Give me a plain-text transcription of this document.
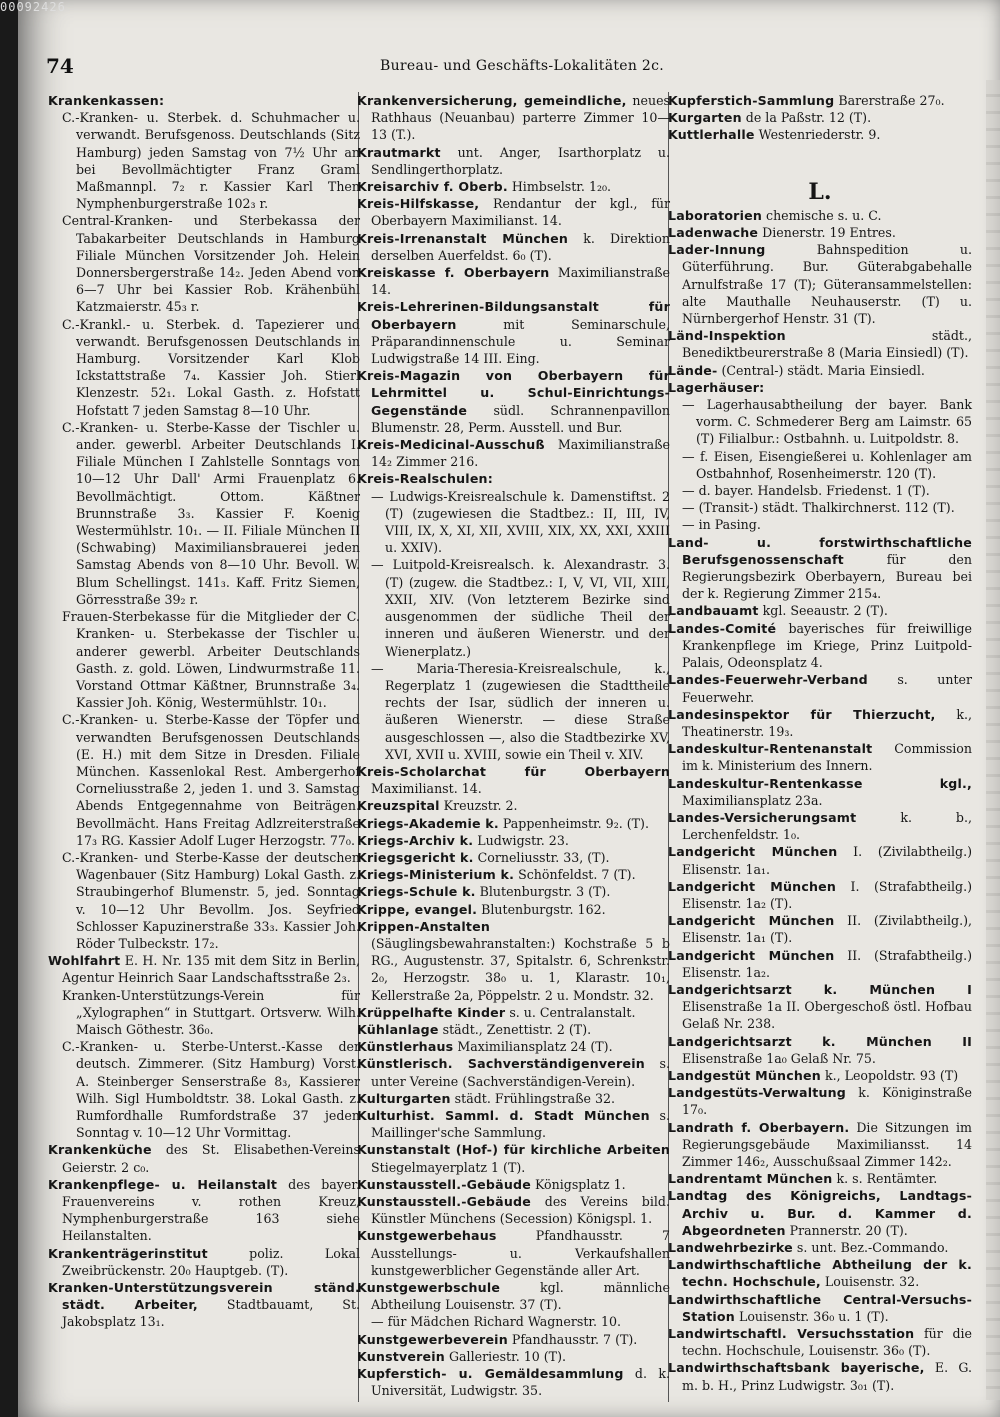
00092426
74	Bureau- und Geschäfts-Lokalitäten 2c.
Krankenkassen:
C.-Kranken- u. Sterbek. d. Schuhmacher u. verwandt. Berufsgenoss. Deutschlands (Sitz Hamburg) jeden Samstag von 7½ Uhr an bei Bevollmächtigter Franz Graml Maßmannpl. 7₂ r. Kassier Karl Then Nymphenburgerstraße 102₃ r.
Central-Kranken- und Sterbekassa der Tabakarbeiter Deutschlands in Hamburg Filiale München Vorsitzender Joh. Helein Donnersbergerstraße 14₂. Jeden Abend von 6—7 Uhr bei Kassier Rob. Krähenbühl Katzmaierstr. 45₃ r.
C.-Krankl.- u. Sterbek. d. Tapezierer und verwandt. Berufsgenossen Deutschlands in Hamburg. Vorsitzender Karl Klob Ickstattstraße 7₄. Kassier Joh. Stierl Klenzestr. 52₁. Lokal Gasth. z. Hofstatt Hofstatt 7 jeden Samstag 8—10 Uhr.
C.-Kranken- u. Sterbe-Kasse der Tischler u. ander. gewerbl. Arbeiter Deutschlands I. Filiale München I Zahlstelle Sonntags von 10—12 Uhr Dall' Armi Frauenplatz 6. Bevollmächtigt. Ottom. Käßtner Brunnstraße 3₃. Kassier F. Koenig Westermühlstr. 10₁. — II. Filiale München II (Schwabing) Maximiliansbrauerei jeden Samstag Abends von 8—10 Uhr. Bevoll. W. Blum Schellingst. 141₃. Kaff. Fritz Siemen, Görresstraße 39₂ r.
Frauen-Sterbekasse für die Mitglieder der C. Kranken- u. Sterbekasse der Tischler u. anderer gewerbl. Arbeiter Deutschlands Gasth. z. gold. Löwen, Lindwurmstraße 11. Vorstand Ottmar Käßtner, Brunnstraße 3₄. Kassier Joh. König, Westermühlstr. 10₁.
C.-Kranken- u. Sterbe-Kasse der Töpfer und verwandten Berufsgenossen Deutschlands (E. H.) mit dem Sitze in Dresden. Filiale München. Kassenlokal Rest. Ambergerhof Corneliusstraße 2, jeden 1. und 3. Samstag Abends Entgegennahme von Beiträgen. Bevollmächt. Hans Freitag Adlzreiterstraße 17₃ RG. Kassier Adolf Luger Herzogstr. 77₀.
C.-Kranken- und Sterbe-Kasse der deutschen Wagenbauer (Sitz Hamburg) Lokal Gasth. z. Straubingerhof Blumenstr. 5, jed. Sonntag v. 10—12 Uhr Bevollm. Jos. Seyfried Schlosser Kapuzinerstraße 33₃. Kassier Joh. Röder Tulbeckstr. 17₂.
Wohlfahrt E. H. Nr. 135 mit dem Sitz in Berlin, Agentur Heinrich Saar Landschaftsstraße 2₃.
Kranken-Unterstützungs-Verein für „Xylographen“ in Stuttgart. Ortsverw. Wilh. Maisch Göthestr. 36₀.
C.-Kranken- u. Sterbe-Unterst.-Kasse der deutsch. Zimmerer. (Sitz Hamburg) Vorst. A. Steinberger Senserstraße 8₃, Kassierer Wilh. Sigl Humboldtstr. 38. Lokal Gasth. z. Rumfordhalle Rumfordstraße 37 jeden Sonntag v. 10—12 Uhr Vormittag.
Krankenküche des St. Elisabethen-Vereins Geierstr. 2 c₀.
Krankenpflege- u. Heilanstalt des bayer. Frauenvereins v. rothen Kreuz, Nymphenburgerstraße 163 siehe Heilanstalten.
Krankenträgerinstitut poliz. Lokal Zweibrückenstr. 20₀ Hauptgeb. (T).
Kranken-Unterstützungsverein ständ. städt. Arbeiter, Stadtbauamt, St. Jakobsplatz 13₁.
Krankenversicherung, gemeindliche, neues Rathhaus (Neuanbau) parterre Zimmer 10—13 (T.).
Krautmarkt unt. Anger, Isarthorplatz u. Sendlingerthorplatz.
Kreisarchiv f. Oberb. Himbselstr. 1₂₀.
Kreis-Hilfskasse, Rendantur der kgl., für Oberbayern Maximilianst. 14.
Kreis-Irrenanstalt München k. Direktion derselben Auerfeldst. 6₀ (T).
Kreiskasse f. Oberbayern Maximilianstraße 14.
Kreis-Lehrerinen-Bildungsanstalt für Oberbayern mit Seminarschule, Präparandinnenschule u. Seminar Ludwigstraße 14 III. Eing.
Kreis-Magazin von Oberbayern für Lehrmittel u. Schul-Einrichtungs-Gegenstände südl. Schrannenpavillon Blumenstr. 28, Perm. Ausstell. und Bur.
Kreis-Medicinal-Ausschuß Maximilianstraße 14₂ Zimmer 216.
Kreis-Realschulen:
— Ludwigs-Kreisrealschule k. Damenstiftst. 2 (T) (zugewiesen die Stadtbez.: II, III, IV, VIII, IX, X, XI, XII, XVIII, XIX, XX, XXI, XXIII u. XXIV).
— Luitpold-Kreisrealsch. k. Alexandrastr. 3. (T) (zugew. die Stadtbez.: I, V, VI, VII, XIII, XXII, XIV. (Von letzterem Bezirke sind ausgenommen der südliche Theil der inneren und äußeren Wienerstr. und der Wienerplatz.)
— Maria-Theresia-Kreisrealschule, k., Regerplatz 1 (zugewiesen die Stadttheile rechts der Isar, südlich der inneren u. äußeren Wienerstr. — diese Straße ausgeschlossen —, also die Stadtbezirke XV, XVI, XVII u. XVIII, sowie ein Theil v. XIV.
Kreis-Scholarchat für Oberbayern Maximilianst. 14.
Kreuzspital Kreuzstr. 2.
Kriegs-Akademie k. Pappenheimstr. 9₂. (T).
Kriegs-Archiv k. Ludwigstr. 23.
Kriegsgericht k. Corneliusstr. 33, (T).
Kriegs-Ministerium k. Schönfeldst. 7 (T).
Kriegs-Schule k. Blutenburgstr. 3 (T).
Krippe, evangel. Blutenburgstr. 162.
Krippen-Anstalten (Säuglingsbewahranstalten:) Kochstraße 5 b RG., Augustenstr. 37, Spitalstr. 6, Schrenkstr. 2₀, Herzogstr. 38₀ u. 1, Klarastr. 10₁, Kellerstraße 2a, Pöppelstr. 2 u. Mondstr. 32.
Krüppelhafte Kinder s. u. Centralanstalt.
Kühlanlage städt., Zenettistr. 2 (T).
Künstlerhaus Maximiliansplatz 24 (T).
Künstlerisch. Sachverständigenverein s. unter Vereine (Sachverständigen-Verein).
Kulturgarten städt. Frühlingstraße 32.
Kulturhist. Samml. d. Stadt München s. Maillinger'sche Sammlung.
Kunstanstalt (Hof-) für kirchliche Arbeiten Stiegelmayerplatz 1 (T).
Kunstausstell.-Gebäude Königsplatz 1.
Kunstausstell.-Gebäude des Vereins bild. Künstler Münchens (Secession) Königspl. 1.
Kunstgewerbehaus Pfandhausstr. 7 Ausstellungs- u. Verkaufshallen kunstgewerblicher Gegenstände aller Art.
Kunstgewerbschule kgl. männliche Abtheilung Louisenstr. 37 (T).
— für Mädchen Richard Wagnerstr. 10.
Kunstgewerbeverein Pfandhausstr. 7 (T).
Kunstverein Galleriestr. 10 (T).
Kupferstich- u. Gemäldesammlung d. k. Universität, Ludwigstr. 35.
Kupferstich-Sammlung Barerstraße 27₀.
Kurgarten de la Paßstr. 12 (T).
Kuttlerhalle Westenriederstr. 9.
L.
Laboratorien chemische s. u. C.
Ladenwache Dienerstr. 19 Entres.
Lader-Innung Bahnspedition u. Güterführung. Bur. Güterabgabehalle Arnulfstraße 17 (T); Güteransammelstellen: alte Mauthalle Neuhauserstr. (T) u. Nürnbergerhof Henstr. 31 (T).
Länd-Inspektion städt., Benediktbeurerstraße 8 (Maria Einsiedl) (T).
Lände- (Central-) städt. Maria Einsiedl.
Lagerhäuser:
— Lagerhausabtheilung der bayer. Bank vorm. C. Schmederer Berg am Laimstr. 65 (T) Filialbur.: Ostbahnh. u. Luitpoldstr. 8.
— f. Eisen, Eisengießerei u. Kohlenlager am Ostbahnhof, Rosenheimerstr. 120 (T).
— d. bayer. Handelsb. Friedenst. 1 (T).
— (Transit-) städt. Thalkirchnerst. 112 (T).
— in Pasing.
Land- u. forstwirthschaftliche Berufsgenossenschaft für den Regierungsbezirk Oberbayern, Bureau bei der k. Regierung Zimmer 215₄.
Landbauamt kgl. Seeaustr. 2 (T).
Landes-Comité bayerisches für freiwillige Krankenpflege im Kriege, Prinz Luitpold-Palais, Odeonsplatz 4.
Landes-Feuerwehr-Verband s. unter Feuerwehr.
Landesinspektor für Thierzucht, k., Theatinerstr. 19₃.
Landeskultur-Rentenanstalt Commission im k. Ministerium des Innern.
Landeskultur-Rentenkasse kgl., Maximiliansplatz 23a.
Landes-Versicherungsamt k. b., Lerchenfeldstr. 1₀.
Landgericht München I. (Zivilabtheilg.) Elisenstr. 1a₁.
Landgericht München I. (Strafabtheilg.) Elisenstr. 1a₂ (T).
Landgericht München II. (Zivilabtheilg.), Elisenstr. 1a₁ (T).
Landgericht München II. (Strafabtheilg.) Elisenstr. 1a₂.
Landgerichtsarzt k. München I Elisenstraße 1a II. Obergeschoß östl. Hofbau Gelaß Nr. 238.
Landgerichtsarzt k. München II Elisenstraße 1a₀ Gelaß Nr. 75.
Landgestüt München k., Leopoldstr. 93 (T)
Landgestüts-Verwaltung k. Königinstraße 17₀.
Landrath f. Oberbayern. Die Sitzungen im Regierungsgebäude Maximiliansst. 14 Zimmer 146₂, Ausschußsaal Zimmer 142₂.
Landrentamt München k. s. Rentämter.
Landtag des Königreichs, Landtags-Archiv u. Bur. d. Kammer d. Abgeordneten Prannerstr. 20 (T).
Landwehrbezirke s. unt. Bez.-Commando.
Landwirthschaftliche Abtheilung der k. techn. Hochschule, Louisenstr. 32.
Landwirthschaftliche Central-Versuchs-Station Louisenstr. 36₀ u. 1 (T).
Landwirtschaftl. Versuchsstation für die techn. Hochschule, Louisenstr. 36₀ (T).
Landwirthschaftsbank bayerische, E. G. m. b. H., Prinz Ludwigstr. 3₀₁ (T).
